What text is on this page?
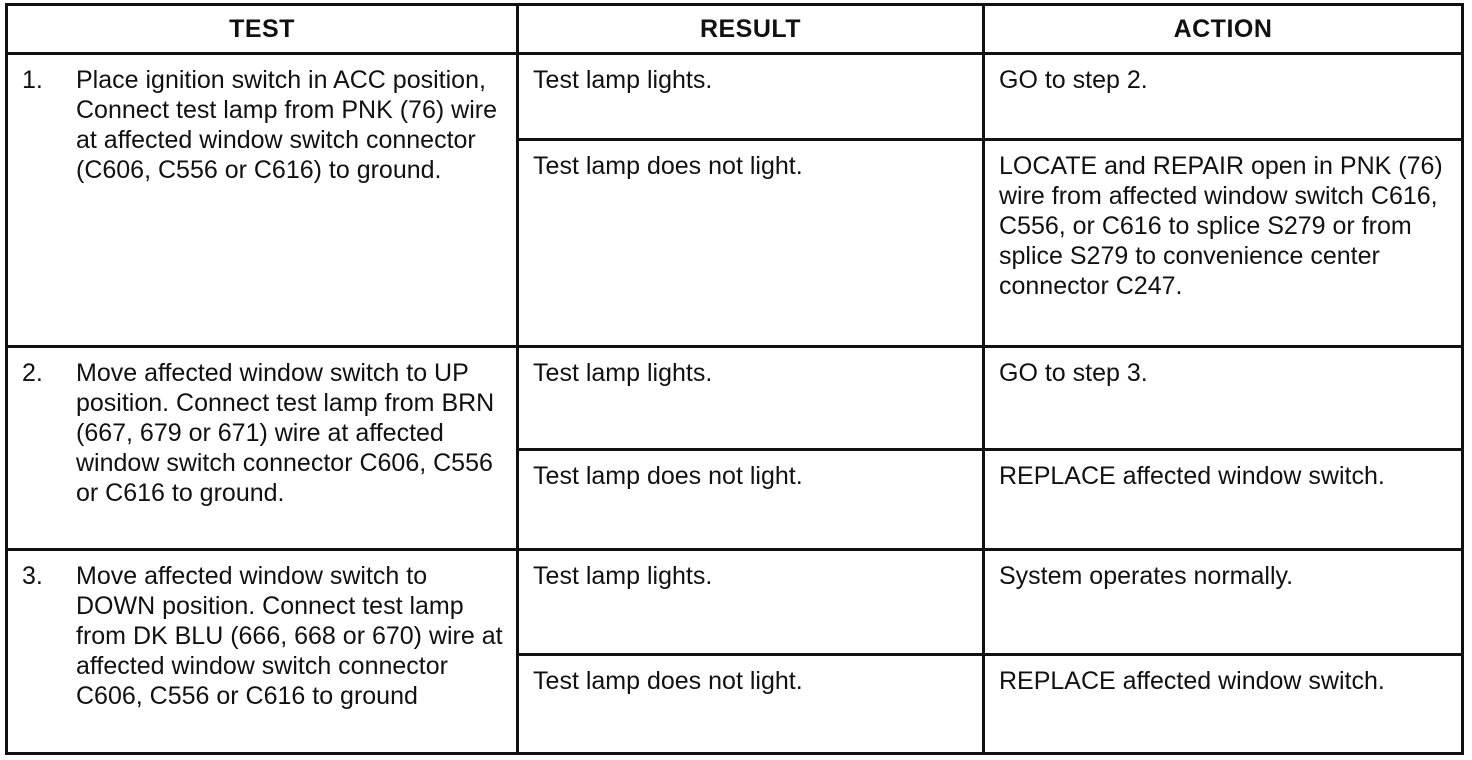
TEST	RESULT	ACTION

1. Place ignition switch in ACC position, Connect test lamp from PNK (76) wire at affected window switch connector (C606, C556 or C616) to ground.	Test lamp lights.	GO to step 2.

	Test lamp does not light.	LOCATE and REPAIR open in PNK (76) wire from affected window switch C616, C556, or C616 to splice S279 or from splice S279 to convenience center connector C247.

2. Move affected window switch to UP position. Connect test lamp from BRN (667, 679 or 671) wire at affected window switch connector C606, C556 or C616 to ground.	Test lamp lights.	GO to step 3.

	Test lamp does not light.	REPLACE affected window switch.

3. Move affected window switch to DOWN position. Connect test lamp from DK BLU (666, 668 or 670) wire at affected window switch connector C606, C556 or C616 to ground	Test lamp lights.	System operates normally.

	Test lamp does not light.	REPLACE affected window switch.
